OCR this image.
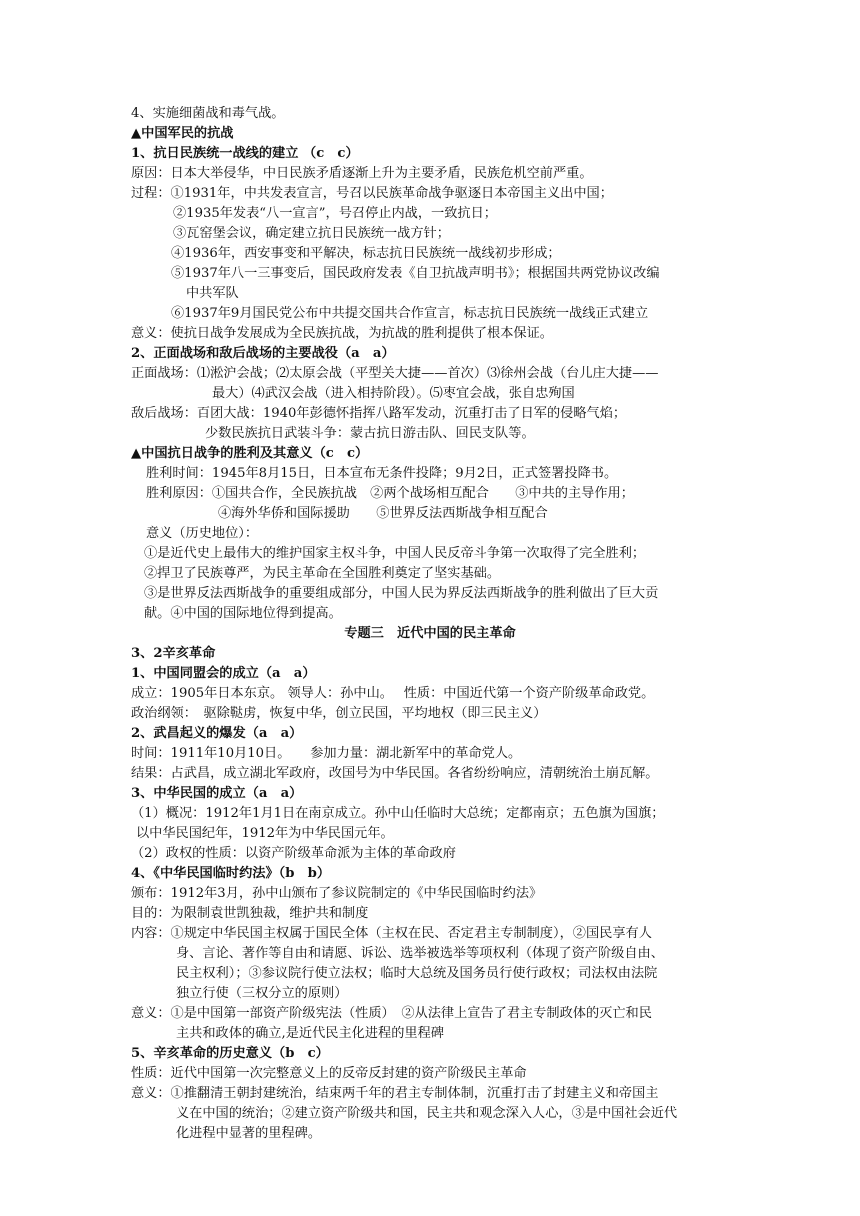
4、实施细菌战和毒气战。
▲中国军民的抗战
1、抗日民族统一战线的建立 （c　c）
原因：日本大举侵华，中日民族矛盾逐渐上升为主要矛盾，民族危机空前严重。
过程：①1931年，中共发表宣言，号召以民族革命战争驱逐日本帝国主义出中国；
②1935年发表“八一宣言”，号召停止内战，一致抗日；
③瓦窑堡会议，确定建立抗日民族统一战方针；
④1936年，西安事变和平解决，标志抗日民族统一战线初步形成；
⑤1937年八一三事变后，国民政府发表《自卫抗战声明书》；根据国共两党协议改编
中共军队
⑥1937年9月国民党公布中共提交国共合作宣言，标志抗日民族统一战线正式建立
意义：使抗日战争发展成为全民族抗战，为抗战的胜利提供了根本保证。
2、正面战场和敌后战场的主要战役（a　a）
正面战场：⑴淞沪会战；⑵太原会战（平型关大捷——首次）⑶徐州会战（台儿庄大捷——
最大）⑷武汉会战（进入相持阶段）。⑸枣宜会战，张自忠殉国
敌后战场：百团大战：1940年彭德怀指挥八路军发动，沉重打击了日军的侵略气焰；
少数民族抗日武装斗争：蒙古抗日游击队、回民支队等。
▲中国抗日战争的胜利及其意义（c　c）
胜利时间：1945年8月15日，日本宣布无条件投降；9月2日，正式签署投降书。
胜利原因：①国共合作，全民族抗战　②两个战场相互配合　　③中共的主导作用；
④海外华侨和国际援助　　⑤世界反法西斯战争相互配合
意义（历史地位）：
①是近代史上最伟大的维护国家主权斗争，中国人民反帝斗争第一次取得了完全胜利；
②捍卫了民族尊严，为民主革命在全国胜利奠定了坚实基础。
③是世界反法西斯战争的重要组成部分，中国人民为界反法西斯战争的胜利做出了巨大贡
献。④中国的国际地位得到提高。
专题三　近代中国的民主革命
3、2辛亥革命
1、中国同盟会的成立（a　a）
成立：1905年日本东京。 领导人：孙中山。　 性质：中国近代第一个资产阶级革命政党。
政治纲领：　驱除鞑虏，恢复中华，创立民国，平均地权（即三民主义）
2、武昌起义的爆发（a　a）
时间：1911年10月10日。　　参加力量：湖北新军中的革命党人。
结果：占武昌，成立湖北军政府，改国号为中华民国。各省纷纷响应，清朝统治土崩瓦解。
3、中华民国的成立（a　a）
（1）概况：1912年1月1日在南京成立。孙中山任临时大总统；定都南京；五色旗为国旗；
以中华民国纪年，1912年为中华民国元年。
（2）政权的性质：以资产阶级革命派为主体的革命政府
4、《中华民国临时约法》（b　b）
颁布：1912年3月，孙中山颁布了参议院制定的《中华民国临时约法》
目的：为限制袁世凯独裁，维护共和制度
内容：①规定中华民国主权属于国民全体（主权在民、否定君主专制制度），②国民享有人
身、言论、著作等自由和请愿、诉讼、选举被选举等项权利（体现了资产阶级自由、
民主权利）；③参议院行使立法权；临时大总统及国务员行使行政权；司法权由法院
独立行使（三权分立的原则）
意义：①是中国第一部资产阶级宪法（性质）　②从法律上宣告了君主专制政体的灭亡和民
主共和政体的确立,是近代民主化进程的里程碑
5、辛亥革命的历史意义（b　c）
性质：近代中国第一次完整意义上的反帝反封建的资产阶级民主革命
意义：①推翻清王朝封建统治，结束两千年的君主专制体制，沉重打击了封建主义和帝国主
义在中国的统治；②建立资产阶级共和国，民主共和观念深入人心，③是中国社会近代
化进程中显著的里程碑。
